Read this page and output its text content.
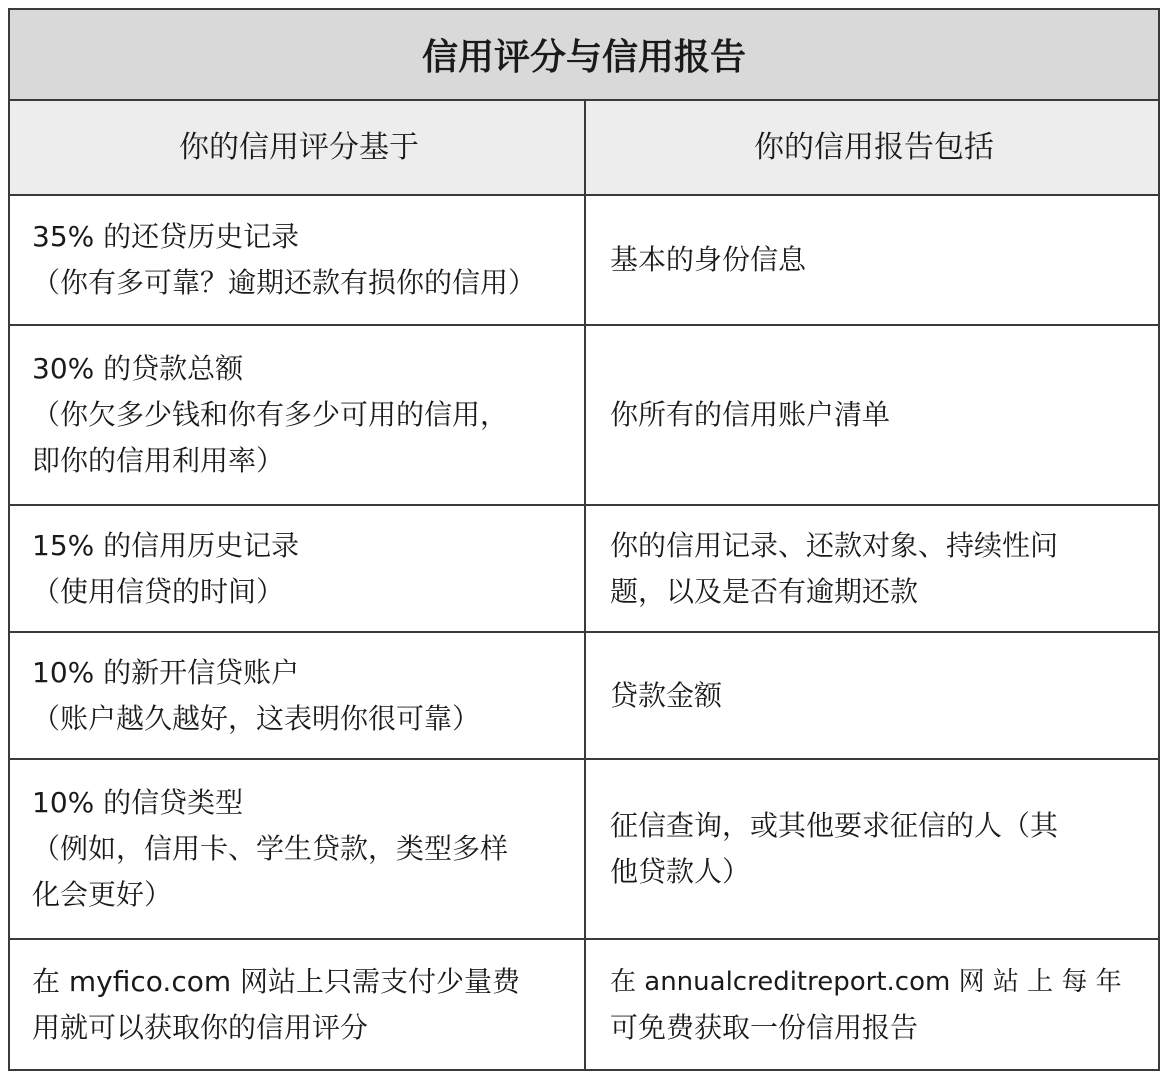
信用评分与信用报告
你的信用评分基于	你的信用报告包括
35% 的还贷历史记录
（你有多可靠？逾期还款有损你的信用）
基本的身份信息
30% 的贷款总额
（你欠多少钱和你有多少可用的信用，
即你的信用利用率）
你所有的信用账户清单
15% 的信用历史记录
（使用信贷的时间）
你的信用记录、还款对象、持续性问
题，以及是否有逾期还款
10% 的新开信贷账户
（账户越久越好，这表明你很可靠）
贷款金额
10% 的信贷类型
（例如，信用卡、学生贷款，类型多样
化会更好）
征信查询，或其他要求征信的人（其
他贷款人）
在 myfico.com 网站上只需支付少量费
用就可以获取你的信用评分
在 annualcreditreport.com 网 站 上 每 年
可免费获取一份信用报告
